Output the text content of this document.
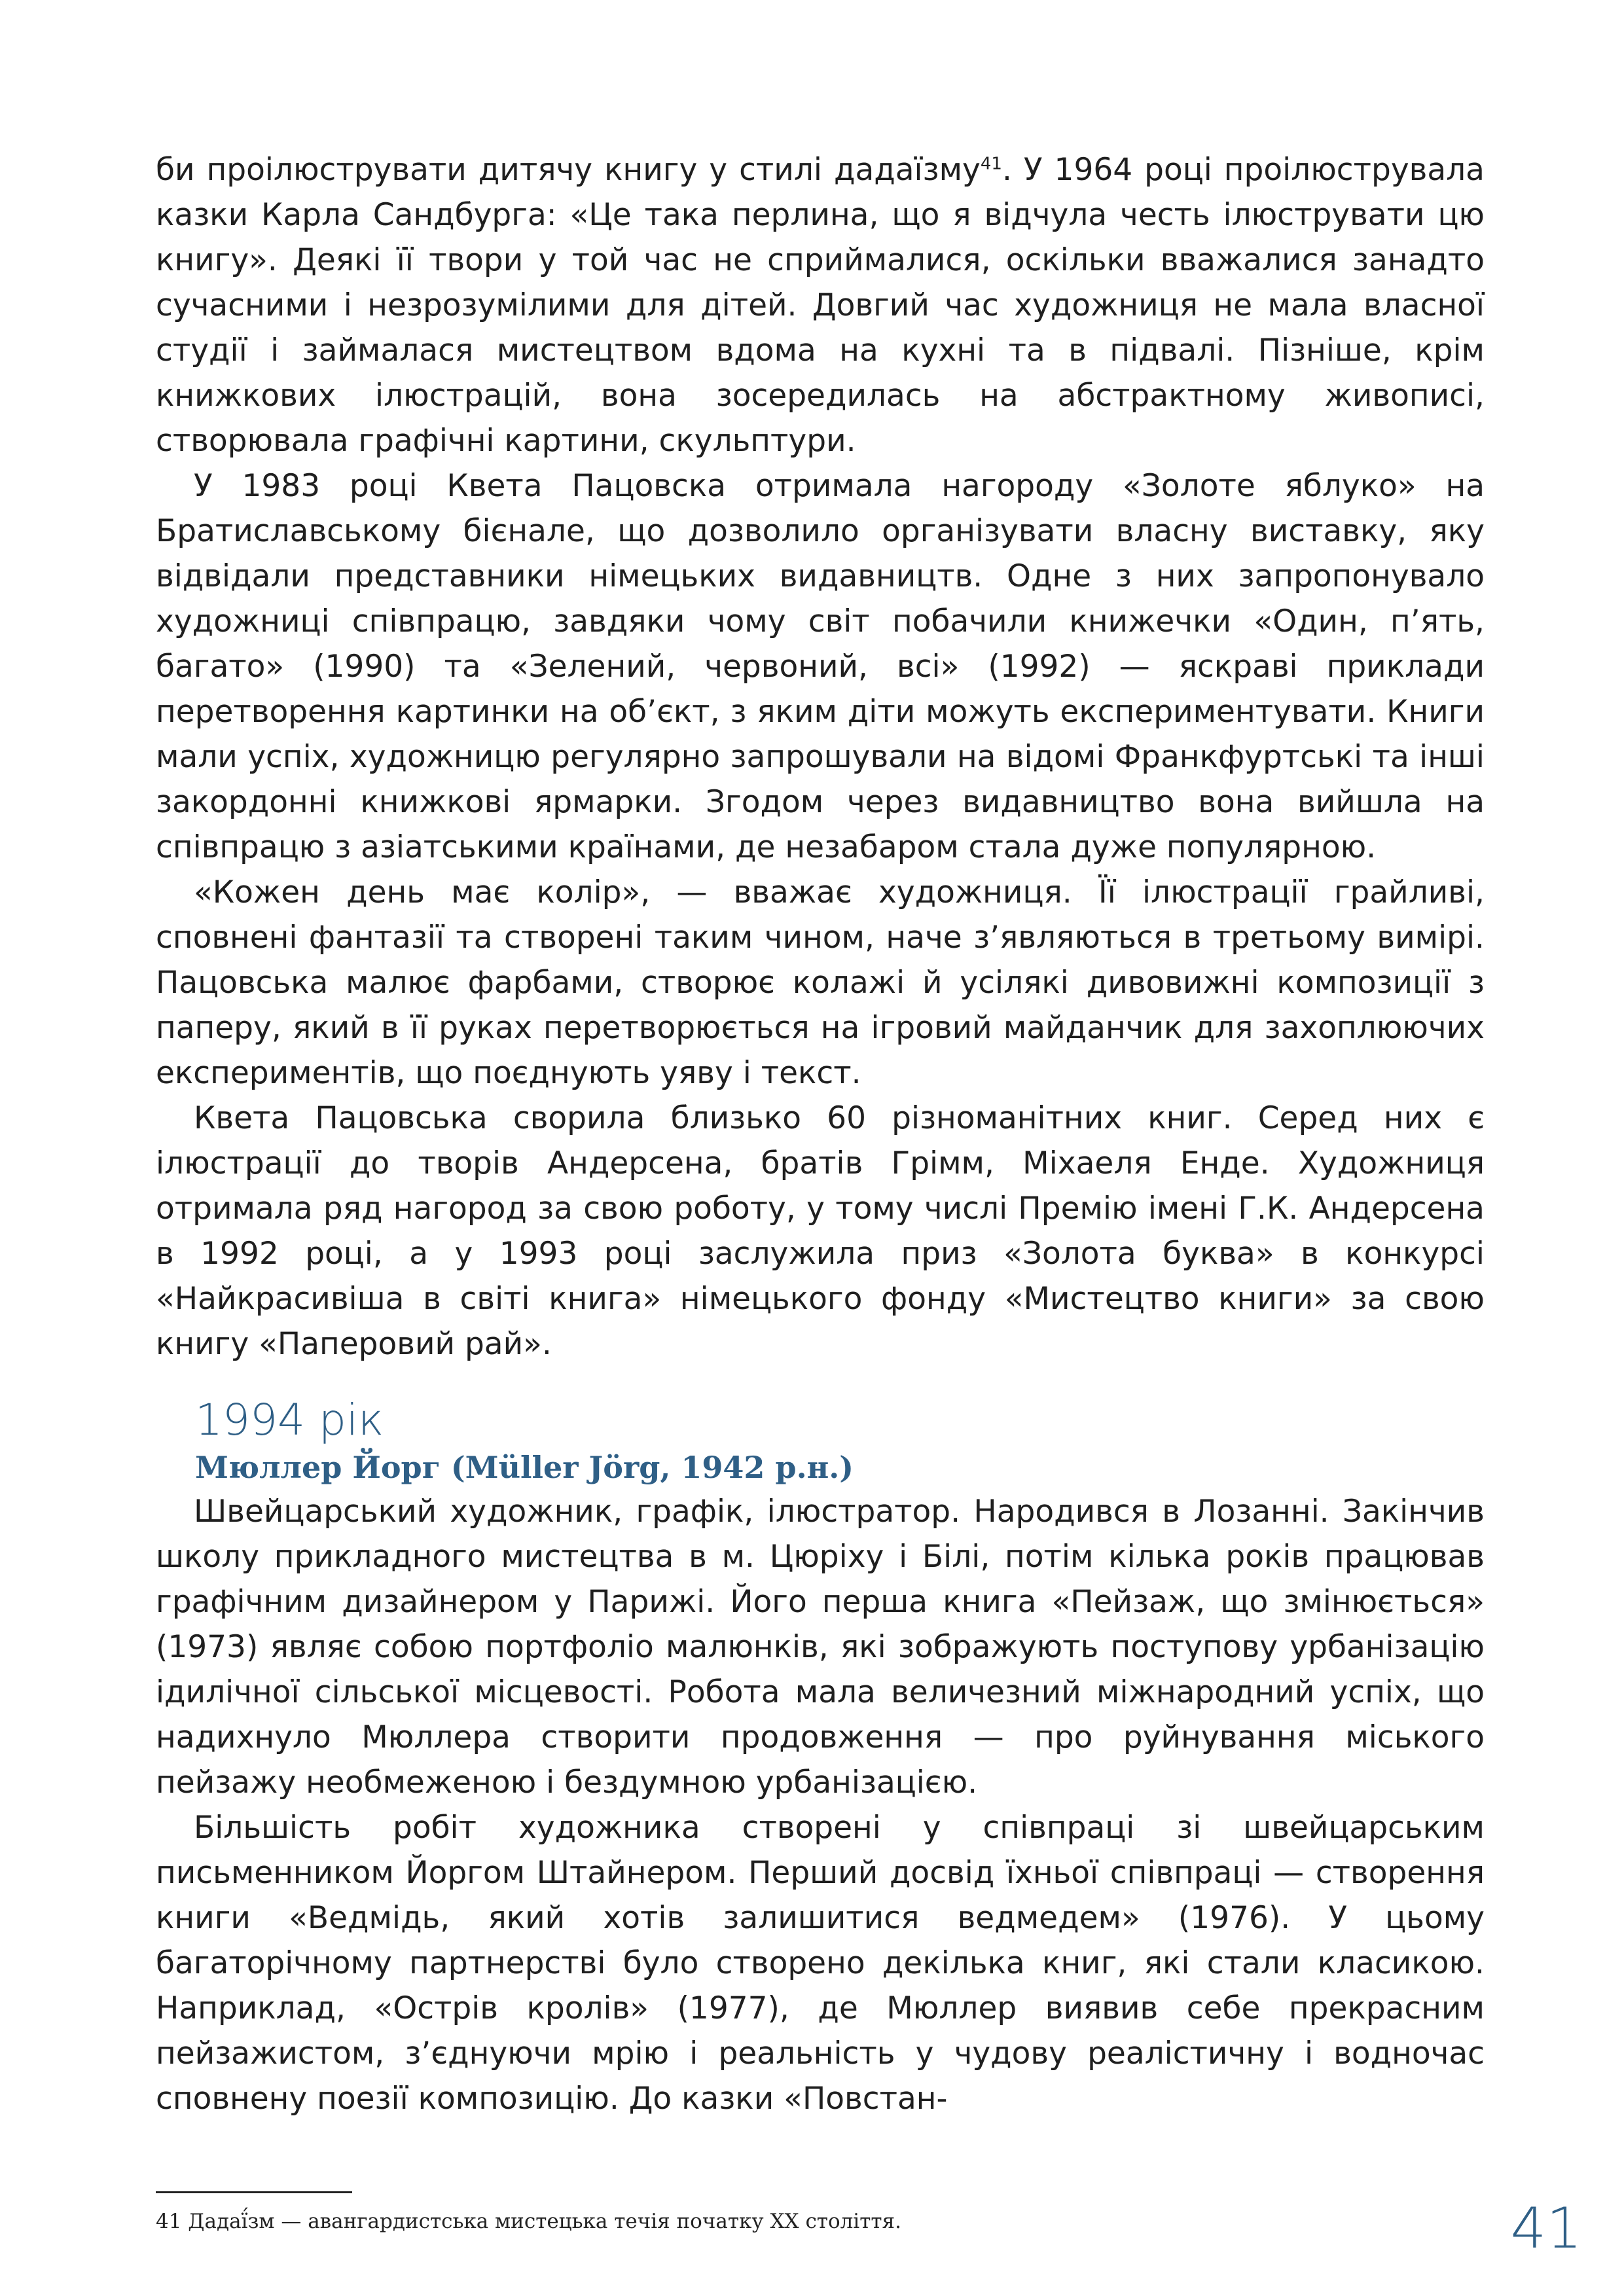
би проілюструвати дитячу книгу у стилі дадаїзму$^{41}$. У 1964 році проілюструвала казки Карла Сандбурга: «Це така перлина, що я відчула честь ілюструвати цю книгу». Деякі її твори у той час не сприймалися, оскільки вважалися занадто сучасними і незрозумілими для дітей. Довгий час художниця не мала власної студії і займалася мистецтвом вдома на кухні та в підвалі. Пізніше, крім книжкових ілюстрацій, вона зосередилась на абстрактному живописі, створювала графічні картини, скульптури.

У 1983 році Квета Пацовска отримала нагороду «Золоте яблуко» на Братиславському бієнале, що дозволило організувати власну виставку, яку відвідали представники німецьких видавництв. Одне з них запропонувало художниці співпрацю, завдяки чому світ побачили книжечки «Один, п’ять, багато» (1990) та «Зелений, червоний, всі» (1992) — яскраві приклади перетворення картинки на об’єкт, з яким діти можуть експериментувати. Книги мали успіх, художницю регулярно запрошували на відомі Франкфуртські та інші закордонні книжкові ярмарки. Згодом через видавництво вона вийшла на співпрацю з азіатськими країнами, де незабаром стала дуже популярною.

«Кожен день має колір», — вважає художниця. Її ілюстрації грайливі, сповнені фантазії та створені таким чином, наче з’являються в третьому вимірі. Пацовська малює фарбами, створює колажі й усілякі дивовижні композиції з паперу, який в її руках перетворюється на ігровий майданчик для захоплюючих експериментів, що поєднують уяву і текст.

Квета Пацовська сворила близько 60 різноманітних книг. Серед них є ілюстрації до творів Андерсена, братів Грімм, Міхаеля Енде. Художниця отримала ряд нагород за свою роботу, у тому числі Премію імені Г.К. Андерсена в 1992 році, а у 1993 році заслужила приз «Золота буква» в конкурсі «Найкрасивіша в світі книга» німецького фонду «Мистецтво книги» за свою книгу «Паперовий рай».

1994 рік
Мюллер Йорг (Müller Jörg, 1942 р.н.)

Швейцарський художник, графік, ілюстратор. Народився в Лозанні. Закінчив школу прикладного мистецтва в м. Цюріху і Білі, потім кілька років працював графічним дизайнером у Парижі. Його перша книга «Пейзаж, що змінюється» (1973) являє собою портфоліо малюнків, які зображують поступову урбанізацію ідилічної сільської місцевості. Робота мала величезний міжнародний успіх, що надихнуло Мюллера створити продовження — про руйнування міського пейзажу необмеженою і бездумною урбанізацією.

Більшість робіт художника створені у співпраці зі швейцарським письменником Йоргом Штайнером. Перший досвід їхньої співпраці — створення книги «Ведмідь, який хотів залишитися ведмедем» (1976). У цьому багаторічному партнерстві було створено декілька книг, які стали класикою. Наприклад, «Острів кролів» (1977), де Мюллер виявив себе прекрасним пейзажистом, з’єднуючи мрію і реальність у чудову реалістичну і водночас сповнену поезії композицію. До казки «Повстан-

41 Дадаї́зм — авангардистська мистецька течія початку ХХ століття.	41
